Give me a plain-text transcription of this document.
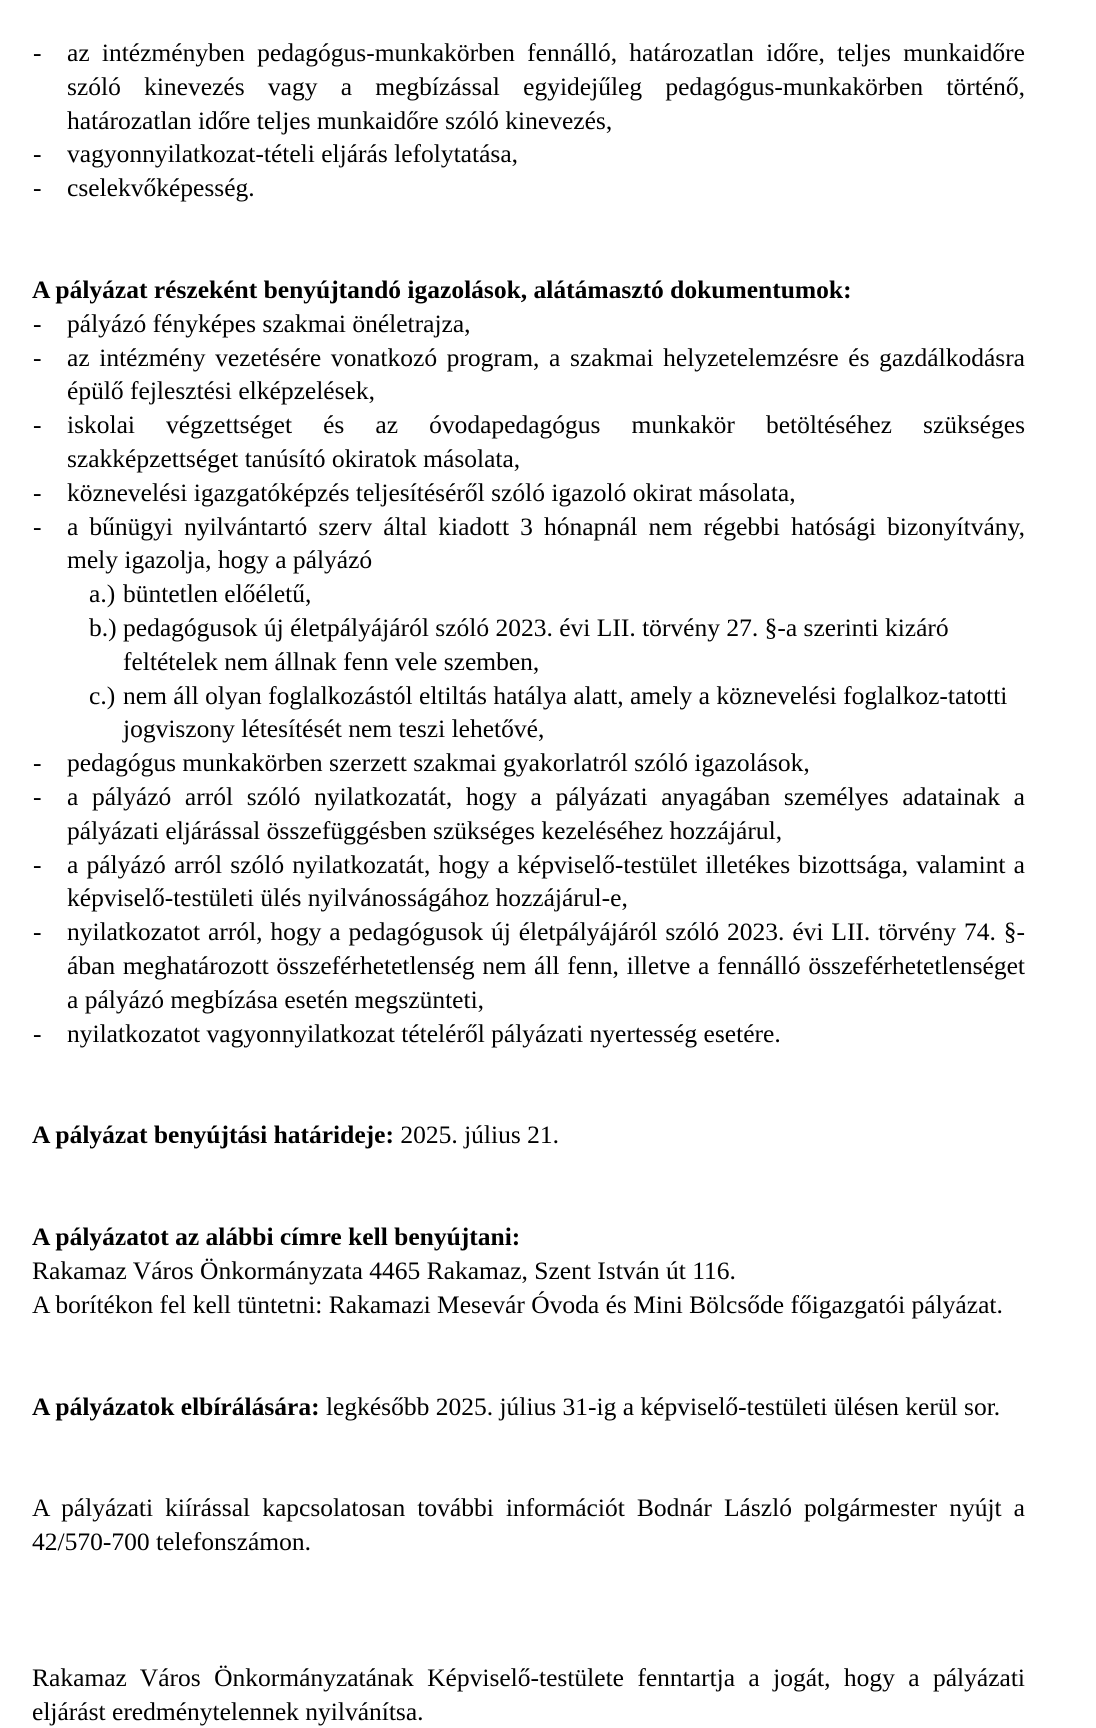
-	az intézményben pedagógus-munkakörben fennálló, határozatlan időre, teljes munkaidőre szóló kinevezés vagy a megbízással egyidejűleg pedagógus-munkakörben történő, határozatlan időre teljes munkaidőre szóló kinevezés,
-	vagyonnyilatkozat-tételi eljárás lefolytatása,
-	cselekvőképesség.

A pályázat részeként benyújtandó igazolások, alátámasztó dokumentumok:

-	pályázó fényképes szakmai önéletrajza,
-	az intézmény vezetésére vonatkozó program, a szakmai helyzetelemzésre és gazdálkodásra épülő fejlesztési elképzelések,
-	iskolai végzettséget és az óvodapedagógus munkakör betöltéséhez szükséges szakképzettséget tanúsító okiratok másolata,
-	köznevelési igazgatóképzés teljesítéséről szóló igazoló okirat másolata,
-	a bűnügyi nyilvántartó szerv által kiadott 3 hónapnál nem régebbi hatósági bizonyítvány, mely igazolja, hogy a pályázó
a.) büntetlen előéletű,
b.) pedagógusok új életpályájáról szóló 2023. évi LII. törvény 27. §-a szerinti kizáró feltételek nem állnak fenn vele szemben,
c.) nem áll olyan foglalkozástól eltiltás hatálya alatt, amely a köznevelési foglalkoz-tatotti jogviszony létesítését nem teszi lehetővé,
-	pedagógus munkakörben szerzett szakmai gyakorlatról szóló igazolások,
-	a pályázó arról szóló nyilatkozatát, hogy a pályázati anyagában személyes adatainak a pályázati eljárással összefüggésben szükséges kezeléséhez hozzájárul,
-	a pályázó arról szóló nyilatkozatát, hogy a képviselő-testület illetékes bizottsága, valamint a képviselő-testületi ülés nyilvánosságához hozzájárul-e,
-	nyilatkozatot arról, hogy a pedagógusok új életpályájáról szóló 2023. évi LII. törvény 74. §-ában meghatározott összeférhetetlenség nem áll fenn, illetve a fennálló összeférhetetlenséget a pályázó megbízása esetén megszünteti,
-	nyilatkozatot vagyonnyilatkozat tételéről pályázati nyertesség esetére.

A pályázat benyújtási határideje: 2025. július 21.

A pályázatot az alábbi címre kell benyújtani:

Rakamaz Város Önkormányzata 4465 Rakamaz, Szent István út 116.

A borítékon fel kell tüntetni: Rakamazi Mesevár Óvoda és Mini Bölcsőde főigazgatói pályázat.

A pályázatok elbírálására: legkésőbb 2025. július 31-ig a képviselő-testületi ülésen kerül sor.

A pályázati kiírással kapcsolatosan további információt Bodnár László polgármester nyújt a 42/570-700 telefonszámon.

Rakamaz Város Önkormányzatának Képviselő-testülete fenntartja a jogát, hogy a pályázati eljárást eredménytelennek nyilvánítsa.
